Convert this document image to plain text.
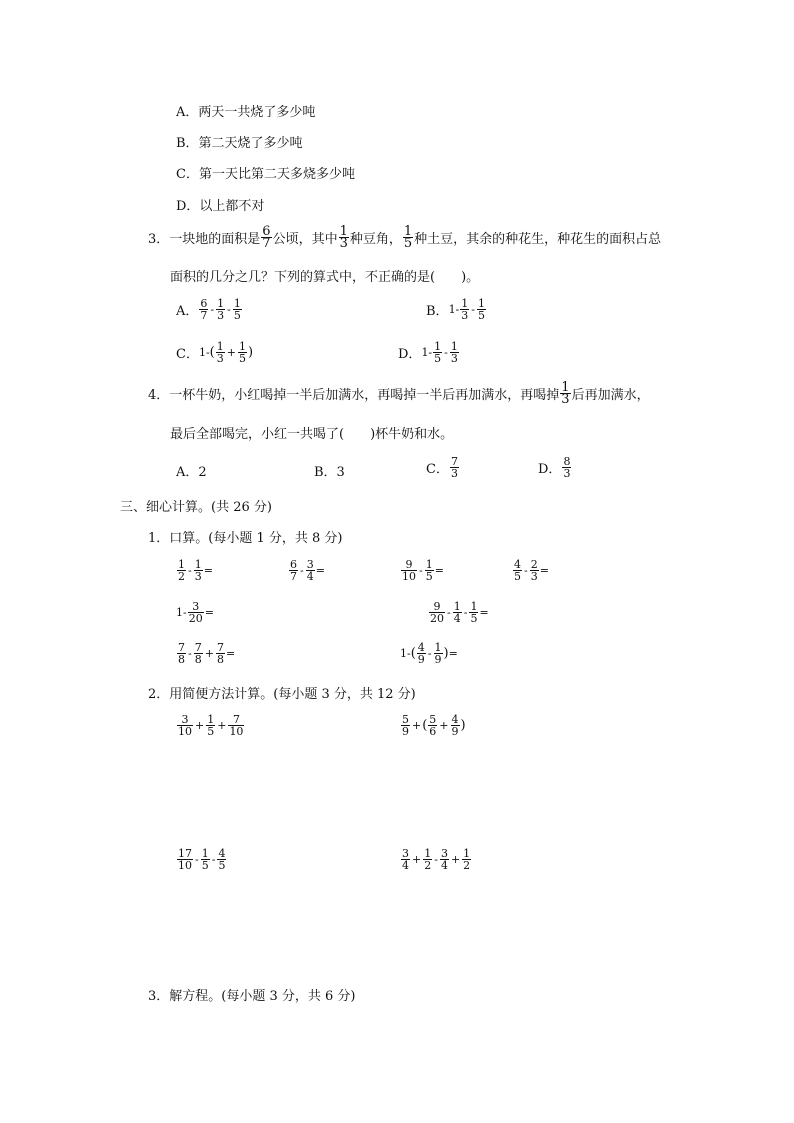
A．两天一共烧了多少吨
B．第二天烧了多少吨
C．第一天比第二天多烧多少吨
D．以上都不对
3． 一块地的面积是 $\frac{6}{7}$ 公顷，其中 $\frac{1}{3}$ 种豆角， $\frac{1}{5}$ 种土豆，其余的种花生，种花生的面积占总
面积的几分之几？下列的算式中，不正确的是(　　)。
A． $\frac{6}{7} - \frac{1}{3} - \frac{1}{5}$	B． $1- \frac{1}{3} - \frac{1}{5}$
C． 1- ( $\frac{1}{3} + \frac{1}{5}$ )	D． $1- \frac{1}{5} - \frac{1}{3}$
4． 一杯牛奶，小红喝掉一半后加满水，再喝掉一半后再加满水，再喝掉 $\frac{1}{3}$ 后再加满水，
最后全部喝完，小红一共喝了(　　)杯牛奶和水。
A．2	B．3	C． $\frac{7}{3}$	D． $\frac{8}{3}$
三、细心计算。(共 26 分)
1．口算。(每小题 1 分，共 8 分)
$\frac{1}{2} - \frac{1}{3}$ =	$\frac{6}{7} - \frac{3}{4}$ =	$\frac{9}{10} - \frac{1}{5}$ =	$\frac{4}{5} - \frac{2}{3}$ =
$1- \frac{3}{20}$ =	$\frac{9}{20} - \frac{1}{4} - \frac{1}{5}$ =
$\frac{7}{8} - \frac{7}{8} + \frac{7}{8}$ =	1- ( $\frac{4}{9} - \frac{1}{9}$ ) =
2．用简便方法计算。(每小题 3 分，共 12 分)
$\frac{3}{10} + \frac{1}{5} + \frac{7}{10}$	$\frac{5}{9}$ + ( $\frac{5}{6} + \frac{4}{9}$ )
$\frac{17}{10} - \frac{1}{5} - \frac{4}{5}$	$\frac{3}{4} + \frac{1}{2} - \frac{3}{4} + \frac{1}{2}$
3．解方程。(每小题 3 分，共 6 分)
